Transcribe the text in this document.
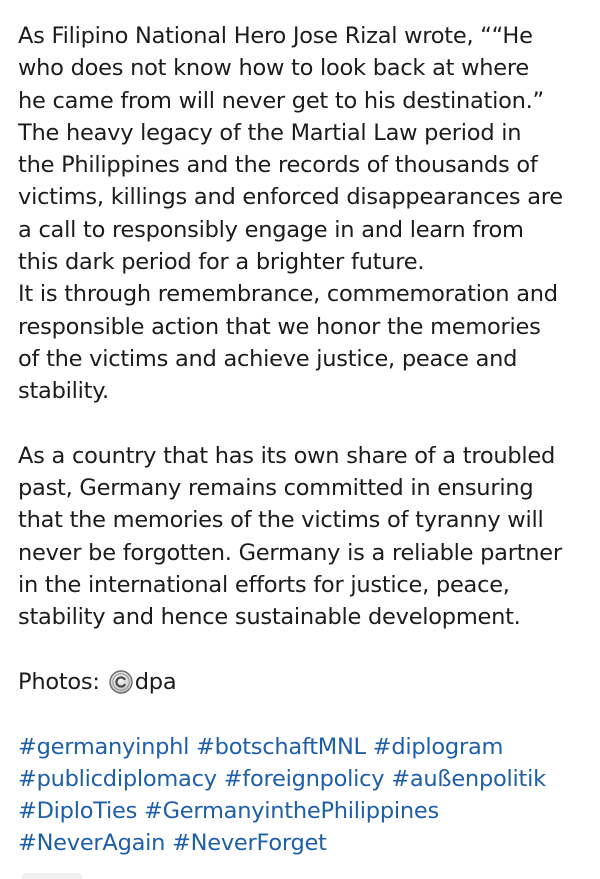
As Filipino National Hero Jose Rizal wrote, ““He
who does not know how to look back at where
he came from will never get to his destination.”
The heavy legacy of the Martial Law period in
the Philippines and the records of thousands of
victims, killings and enforced disappearances are
a call to responsibly engage in and learn from
this dark period for a brighter future.
It is through remembrance, commemoration and
responsible action that we honor the memories
of the victims and achieve justice, peace and
stability.
As a country that has its own share of a troubled
past, Germany remains committed in ensuring
that the memories of the victims of tyranny will
never be forgotten. Germany is a reliable partner
in the international efforts for justice, peace,
stability and hence sustainable development.
Photos: dpa
#germanyinphl #botschaftMNL #diplogram
#publicdiplomacy #foreignpolicy #außenpolitik
#DiploTies #GermanyinthePhilippines
#NeverAgain #NeverForget
